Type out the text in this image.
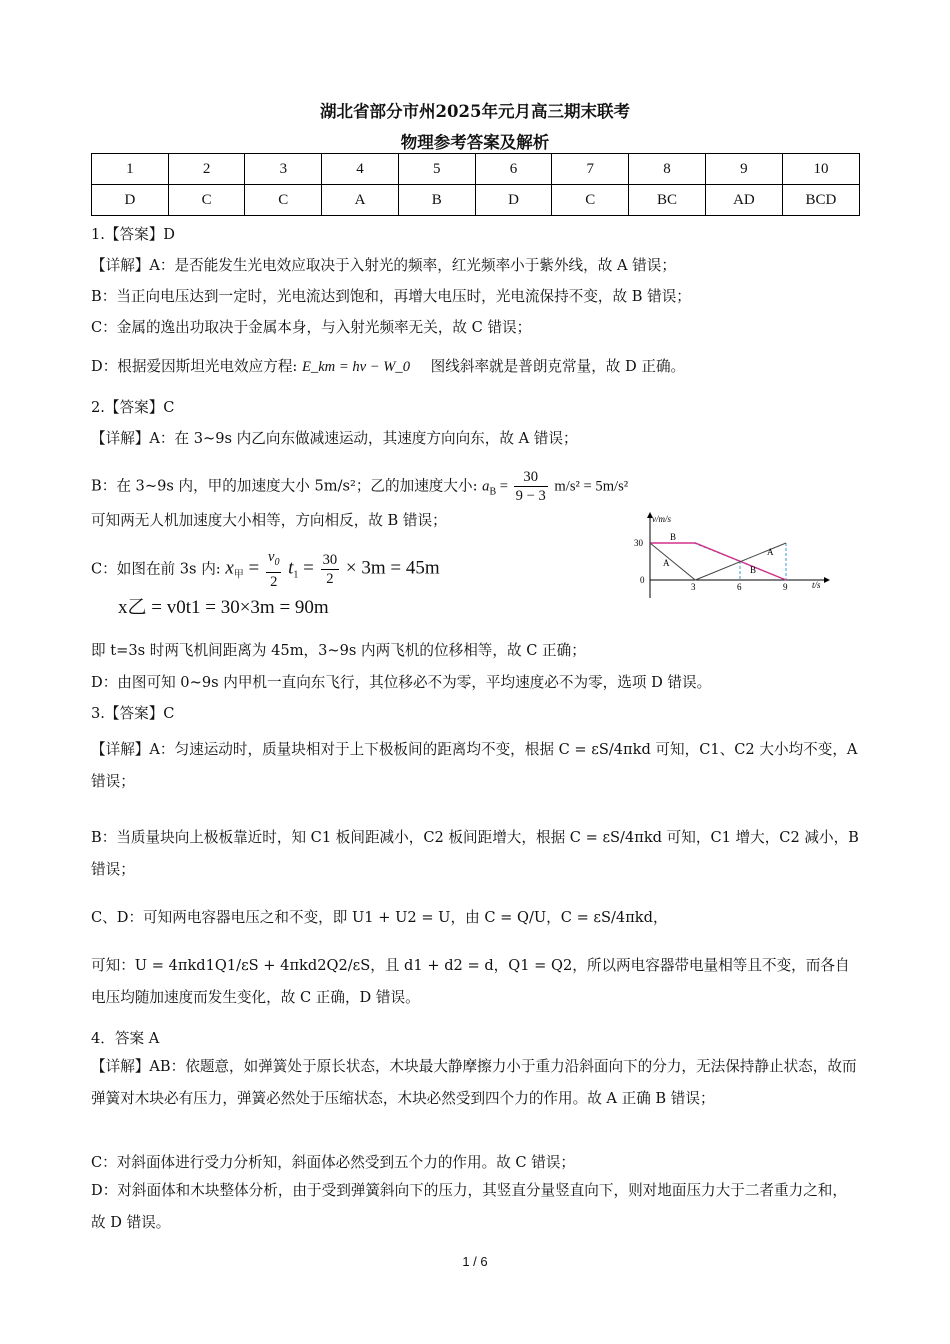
湖北省部分市州2025年元月高三期末联考
物理参考答案及解析
1	2	3	4	5	6	7	8	9	10
D	C	C	A	B	D	C	BC	AD	BCD
1.【答案】D
【详解】A：是否能发生光电效应取决于入射光的频率，红光频率小于紫外线，故 A 错误；
B：当正向电压达到一定时，光电流达到饱和，再增大电压时，光电流保持不变，故 B 错误；
C：金属的逸出功取决于金属本身，与入射光频率无关，故 C 错误；
D：根据爱因斯坦光电效应方程: E_km = hν − W_0 图线斜率就是普朗克常量，故 D 正确。
2.【答案】C
【详解】A：在 3~9s 内乙向东做减速运动，其速度方向向东，故 A 错误；
B：在 3~9s 内，甲的加速度大小 5m/s²；乙的加速度大小: $a_B = \frac{30}{9 - 3} m/s^2 = 5m/s^2$
可知两无人机加速度大小相等，方向相反，故 B 错误；
C：如图在前 3s 内: $x_甲 = \frac{v_0}{2} t_1 = \frac{30}{2} \times 3m = 45m$
x乙 = v0t1 = 30×3m = 90m
即 t=3s 时两飞机间距离为 45m，3~9s 内两飞机的位移相等，故 C 正确；
D：由图可知 0~9s 内甲机一直向东飞行，其位移必不为零，平均速度必不为零，选项 D 错误。
v/m/s
t/s
30
0
3	6	9
B
A
A
B
3.【答案】C
【详解】A：匀速运动时，质量块相对于上下极板间的距离均不变，根据 C = εS/4πkd 可知，C1、C2 大小均不变，A 错误；
B：当质量块向上极板靠近时，知 C1 板间距减小，C2 板间距增大，根据 C = εS/4πkd 可知，C1 增大，C2 减小，B 错误；
C、D：可知两电容器电压之和不变，即 U1 + U2 = U，由 C = Q/U，C = εS/4πkd，
可知：U = 4πkd1Q1/εS + 4πkd2Q2/εS，且 d1 + d2 = d，Q1 = Q2，所以两电容器带电量相等且不变，而各自电压均随加速度而发生变化，故 C 正确，D 错误。
4．答案 A
【详解】AB：依题意，如弹簧处于原长状态，木块最大静摩擦力小于重力沿斜面向下的分力，无法保持静止状态，故而弹簧对木块必有压力，弹簧必然处于压缩状态，木块必然受到四个力的作用。故 A 正确 B 错误；
C：对斜面体进行受力分析知，斜面体必然受到五个力的作用。故 C 错误；
D：对斜面体和木块整体分析，由于受到弹簧斜向下的压力，其竖直分量竖直向下，则对地面压力大于二者重力之和，故 D 错误。
1 / 6
